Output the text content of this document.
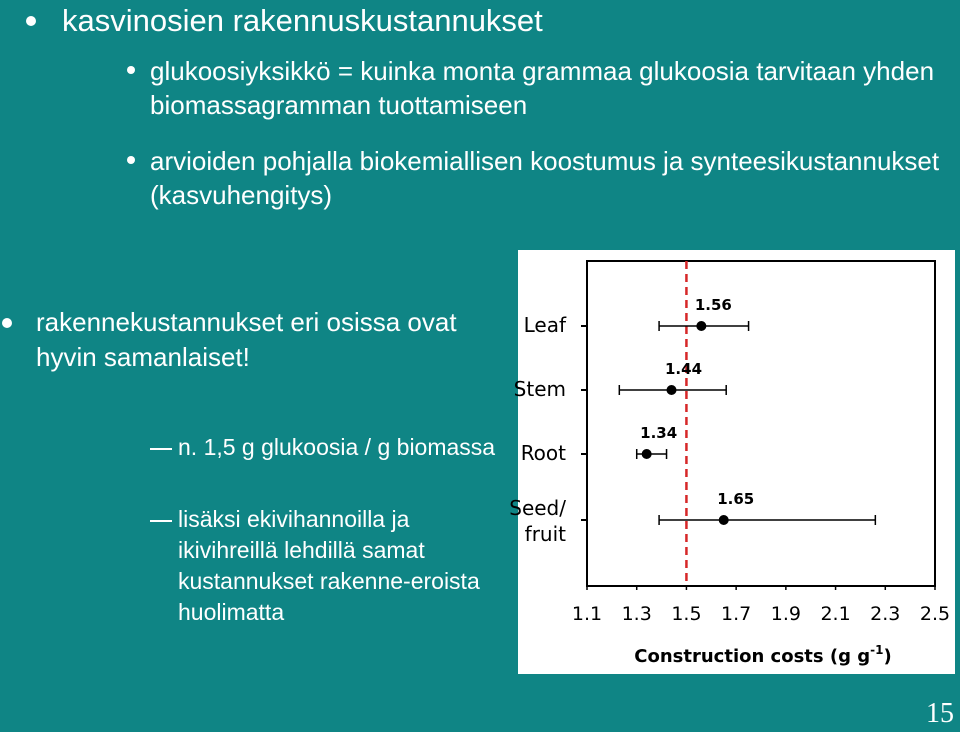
kasvinosien rakennuskustannukset
glukoosiyksikkö = kuinka monta grammaa glukoosia tarvitaan yhden biomassagramman tuottamiseen
arvioiden pohjalla biokemiallisen koostumus ja synteesikustannukset (kasvuhengitys)
rakennekustannukset eri osissa ovat hyvin samanlaiset!
n. 1,5 g glukoosia / g biomassa
lisäksi ekivihannoilla ja ikivihreillä lehdillä samat kustannukset rakenne-eroista huolimatta
Leaf
1.56
Stem
1.44
Root
1.34
Seed/
fruit
1.65
1.1 1.3 1.5 1.7 1.9 2.1 2.3 2.5
Construction costs (g $g^{-1}$)
15
